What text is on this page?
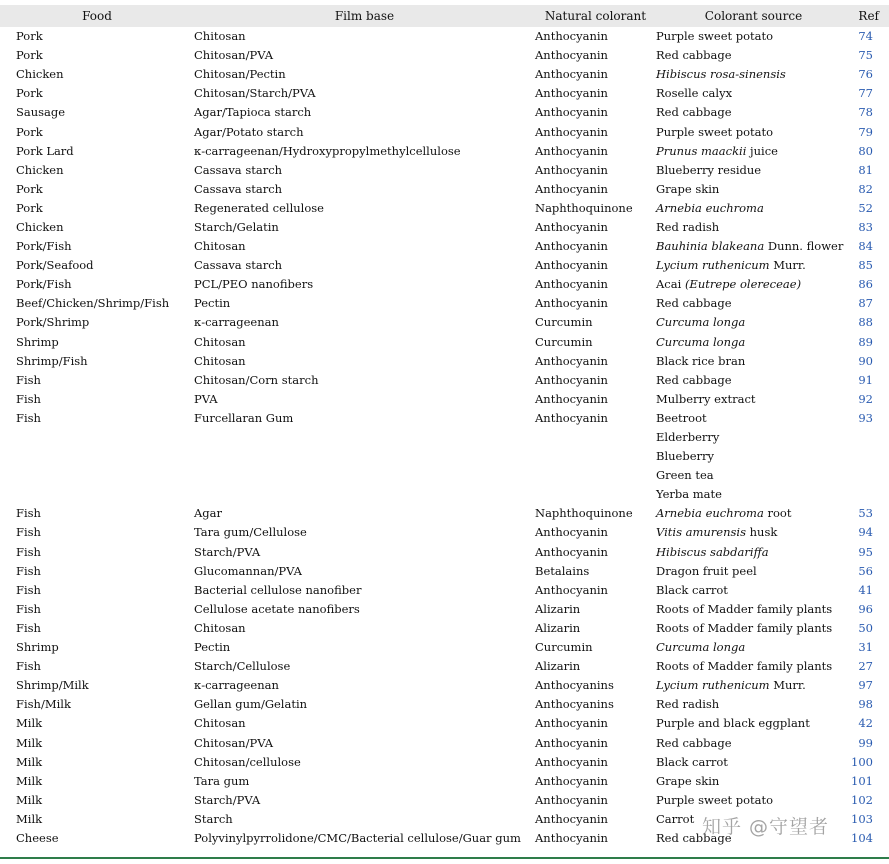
Food	Film base	Natural colorant	Colorant source	Ref
Pork	Chitosan	Anthocyanin	Purple sweet potato	74
Pork	Chitosan/PVA	Anthocyanin	Red cabbage	75
Chicken	Chitosan/Pectin	Anthocyanin	Hibiscus rosa-sinensis	76
Pork	Chitosan/Starch/PVA	Anthocyanin	Roselle calyx	77
Sausage	Agar/Tapioca starch	Anthocyanin	Red cabbage	78
Pork	Agar/Potato starch	Anthocyanin	Purple sweet potato	79
Pork Lard	κ-carrageenan/Hydroxypropylmethylcellulose	Anthocyanin	Prunus maackii juice	80
Chicken	Cassava starch	Anthocyanin	Blueberry residue	81
Pork	Cassava starch	Anthocyanin	Grape skin	82
Pork	Regenerated cellulose	Naphthoquinone	Arnebia euchroma	52
Chicken	Starch/Gelatin	Anthocyanin	Red radish	83
Pork/Fish	Chitosan	Anthocyanin	Bauhinia blakeana Dunn. flower	84
Pork/Seafood	Cassava starch	Anthocyanin	Lycium ruthenicum Murr.	85
Pork/Fish	PCL/PEO nanofibers	Anthocyanin	Acai (Eutrepe olereceae)	86
Beef/Chicken/Shrimp/Fish	Pectin	Anthocyanin	Red cabbage	87
Pork/Shrimp	κ-carrageenan	Curcumin	Curcuma longa	88
Shrimp	Chitosan	Curcumin	Curcuma longa	89
Shrimp/Fish	Chitosan	Anthocyanin	Black rice bran	90
Fish	Chitosan/Corn starch	Anthocyanin	Red cabbage	91
Fish	PVA	Anthocyanin	Mulberry extract	92
Fish	Furcellaran Gum	Anthocyanin	Beetroot	93
			Elderberry	
			Blueberry	
			Green tea	
			Yerba mate	
Fish	Agar	Naphthoquinone	Arnebia euchroma root	53
Fish	Tara gum/Cellulose	Anthocyanin	Vitis amurensis husk	94
Fish	Starch/PVA	Anthocyanin	Hibiscus sabdariffa	95
Fish	Glucomannan/PVA	Betalains	Dragon fruit peel	56
Fish	Bacterial cellulose nanofiber	Anthocyanin	Black carrot	41
Fish	Cellulose acetate nanofibers	Alizarin	Roots of Madder family plants	96
Fish	Chitosan	Alizarin	Roots of Madder family plants	50
Shrimp	Pectin	Curcumin	Curcuma longa	31
Fish	Starch/Cellulose	Alizarin	Roots of Madder family plants	27
Shrimp/Milk	κ-carrageenan	Anthocyanins	Lycium ruthenicum Murr.	97
Fish/Milk	Gellan gum/Gelatin	Anthocyanins	Red radish	98
Milk	Chitosan	Anthocyanin	Purple and black eggplant	42
Milk	Chitosan/PVA	Anthocyanin	Red cabbage	99
Milk	Chitosan/cellulose	Anthocyanin	Black carrot	100
Milk	Tara gum	Anthocyanin	Grape skin	101
Milk	Starch/PVA	Anthocyanin	Purple sweet potato	102
Milk	Starch	Anthocyanin	Carrot	103
Cheese	Polyvinylpyrrolidone/CMC/Bacterial cellulose/Guar gum	Anthocyanin	Red cabbage	104
知乎 @守望者
